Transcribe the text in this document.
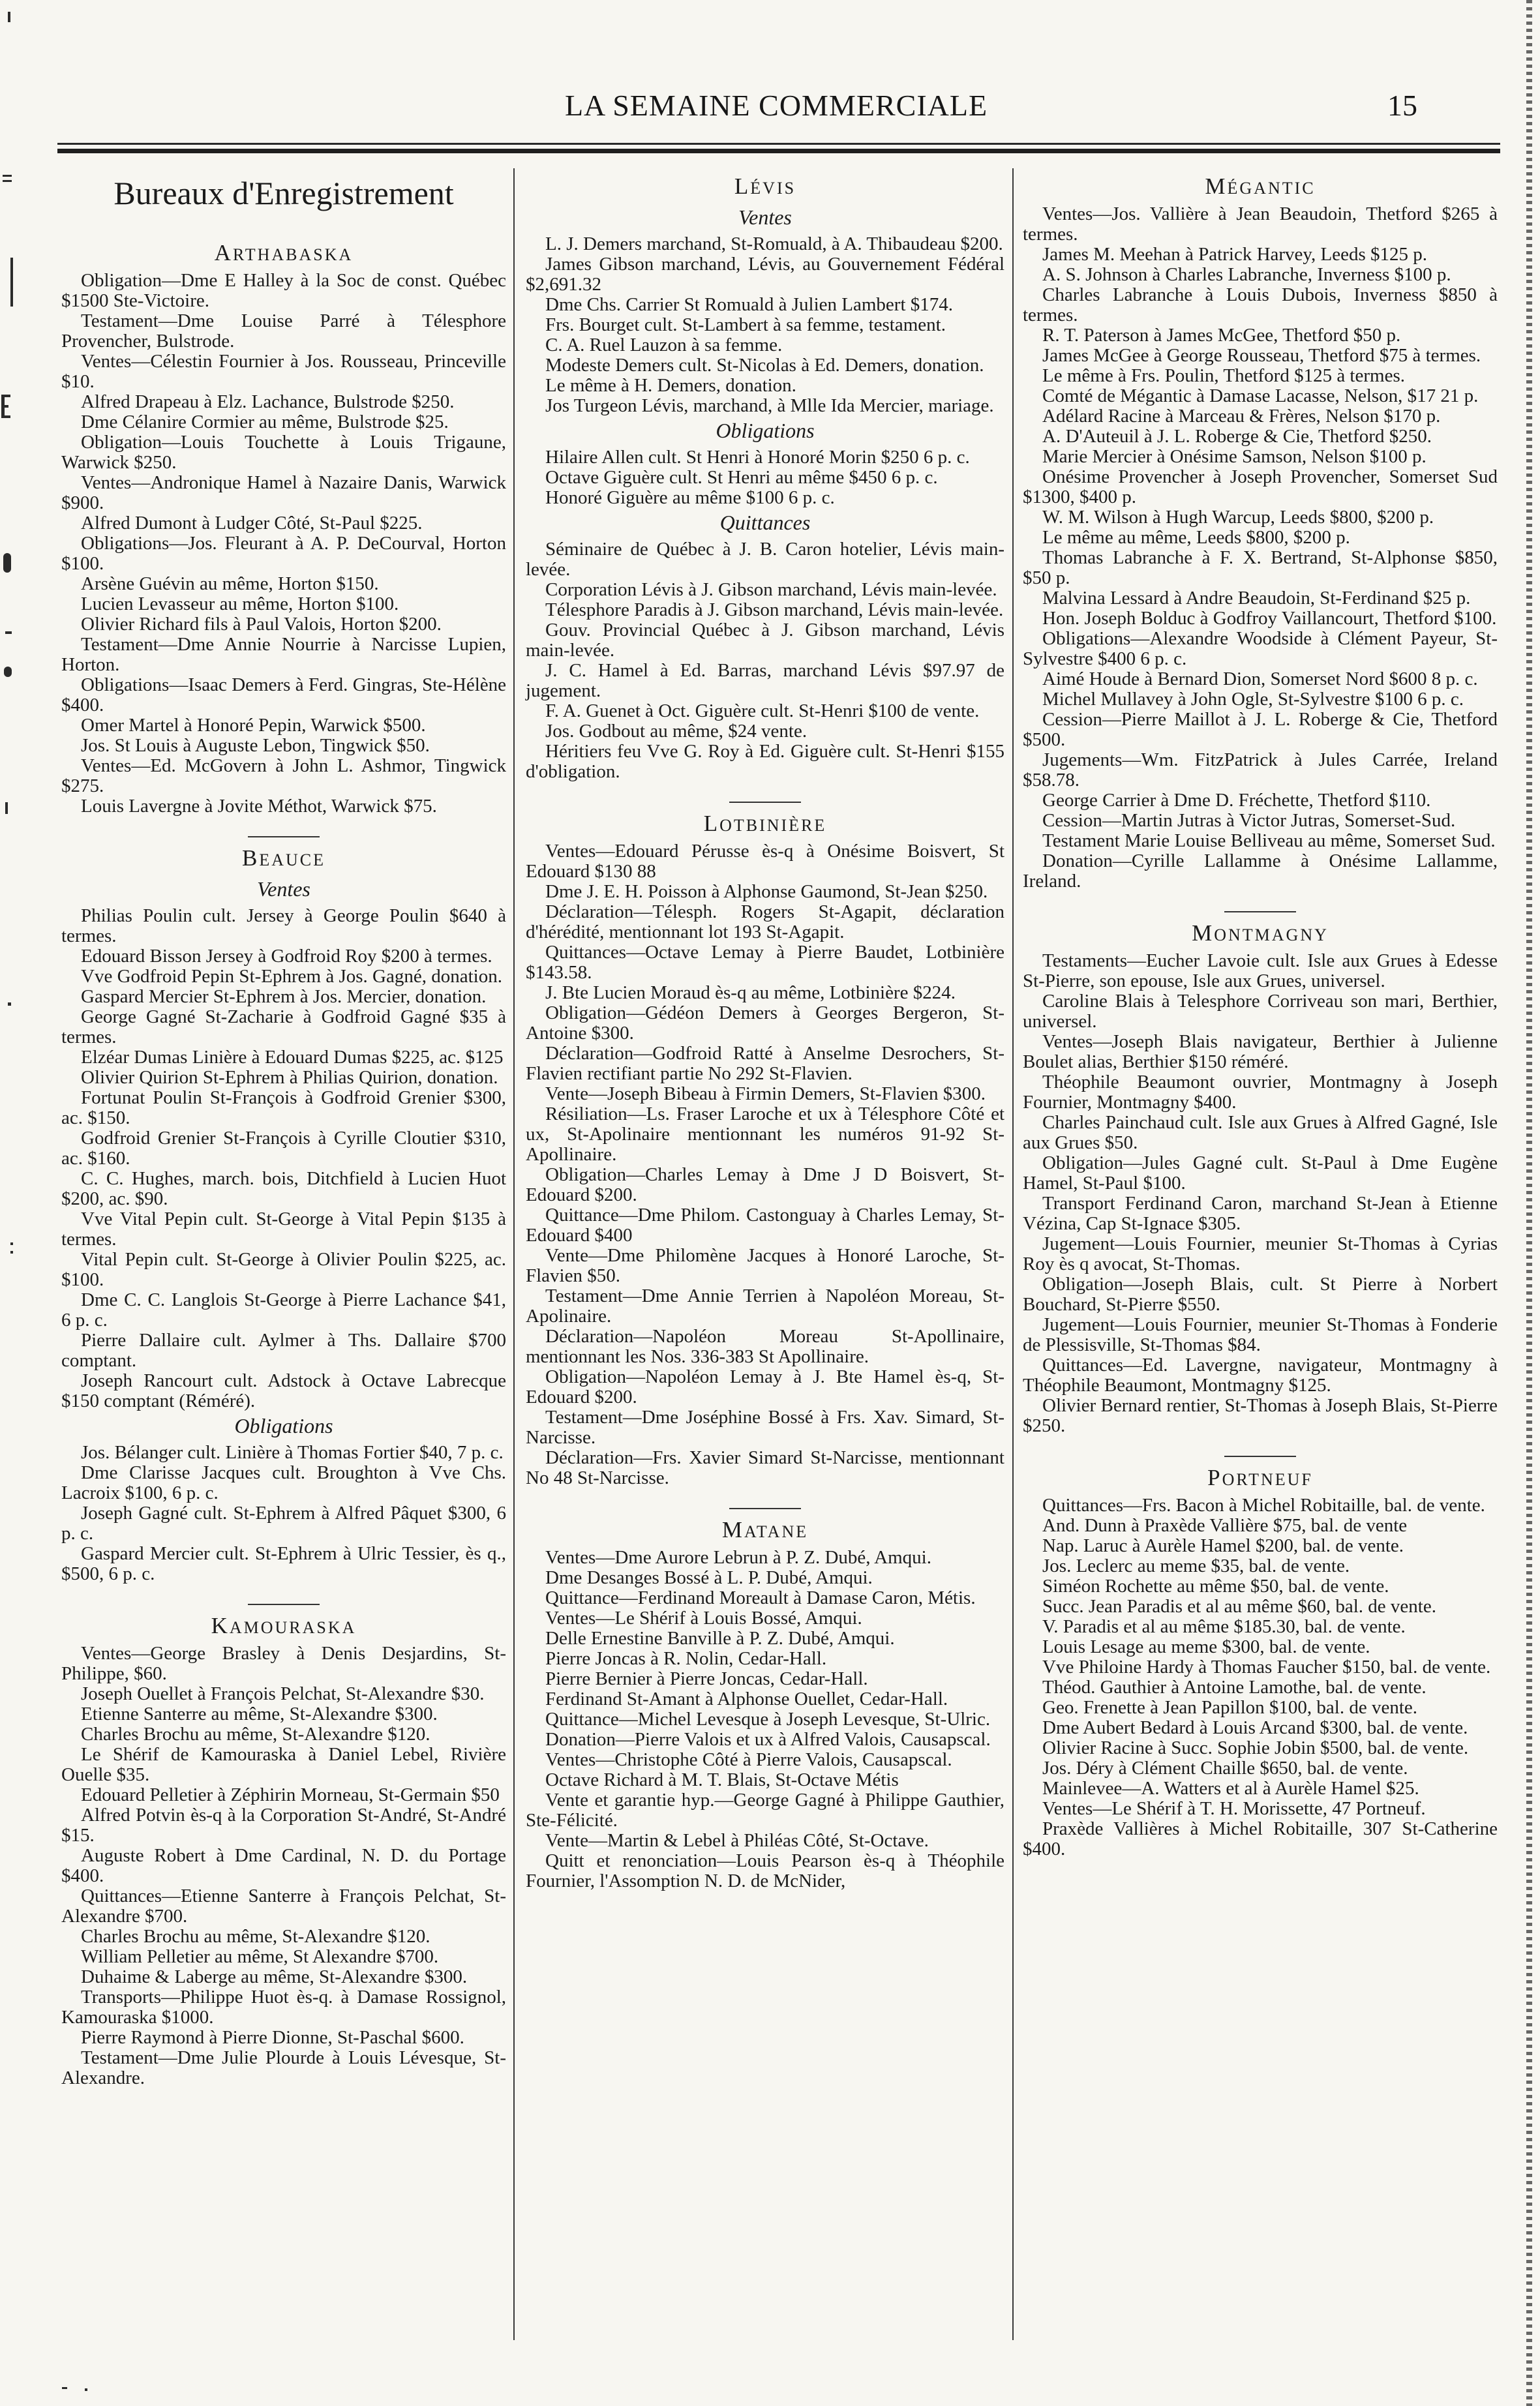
LA SEMAINE COMMERCIALE	15
Bureaux d'Enregistrement
ARTHABASKA

Obligation—Dme E Halley à la Soc de const. Québec $1500 Ste-Victoire.

Testament—Dme Louise Parré à Télesphore Provencher, Bulstrode.

Ventes—Célestin Fournier à Jos. Rousseau, Princeville $10.

Alfred Drapeau à Elz. Lachance, Bulstrode $250.

Dme Célanire Cormier au même, Bulstrode $25.

Obligation—Louis Touchette à Louis Trigaune, Warwick $250.

Ventes—Andronique Hamel à Nazaire Danis, Warwick $900.

Alfred Dumont à Ludger Côté, St-Paul $225.

Obligations—Jos. Fleurant à A. P. DeCourval, Horton $100.

Arsène Guévin au même, Horton $150.

Lucien Levasseur au même, Horton $100.

Olivier Richard fils à Paul Valois, Horton $200.

Testament—Dme Annie Nourrie à Narcisse Lupien, Horton.

Obligations—Isaac Demers à Ferd. Gingras, Ste-Hélène $400.

Omer Martel à Honoré Pepin, Warwick $500.

Jos. St Louis à Auguste Lebon, Tingwick $50.

Ventes—Ed. McGovern à John L. Ashmor, Tingwick $275.

Louis Lavergne à Jovite Méthot, Warwick $75.

BEAUCE
Ventes

Philias Poulin cult. Jersey à George Poulin $640 à termes.

Edouard Bisson Jersey à Godfroid Roy $200 à termes.

Vve Godfroid Pepin St-Ephrem à Jos. Gagné, donation.

Gaspard Mercier St-Ephrem à Jos. Mercier, donation.

George Gagné St-Zacharie à Godfroid Gagné $35 à termes.

Elzéar Dumas Linière à Edouard Dumas $225, ac. $125

Olivier Quirion St-Ephrem à Philias Quirion, donation.

Fortunat Poulin St-François à Godfroid Grenier $300, ac. $150.

Godfroid Grenier St-François à Cyrille Cloutier $310, ac. $160.

C. C. Hughes, march. bois, Ditchfield à Lucien Huot $200, ac. $90.

Vve Vital Pepin cult. St-George à Vital Pepin $135 à termes.

Vital Pepin cult. St-George à Olivier Poulin $225, ac. $100.

Dme C. C. Langlois St-George à Pierre Lachance $41, 6 p. c.

Pierre Dallaire cult. Aylmer à Ths. Dallaire $700 comptant.

Joseph Rancourt cult. Adstock à Octave Labrecque $150 comptant (Réméré).

Obligations

Jos. Bélanger cult. Linière à Thomas Fortier $40, 7 p. c.

Dme Clarisse Jacques cult. Broughton à Vve Chs. Lacroix $100, 6 p. c.

Joseph Gagné cult. St-Ephrem à Alfred Pâquet $300, 6 p. c.

Gaspard Mercier cult. St-Ephrem à Ulric Tessier, ès q., $500, 6 p. c.

KAMOURASKA

Ventes—George Brasley à Denis Desjardins, St-Philippe, $60.

Joseph Ouellet à François Pelchat, St-Alexandre $30.

Etienne Santerre au même, St-Alexandre $300.

Charles Brochu au même, St-Alexandre $120.

Le Shérif de Kamouraska à Daniel Lebel, Rivière Ouelle $35.

Edouard Pelletier à Zéphirin Morneau, St-Germain $50

Alfred Potvin ès-q à la Corporation St-André, St-André $15.

Auguste Robert à Dme Cardinal, N. D. du Portage $400.

Quittances—Etienne Santerre à François Pelchat, St-Alexandre $700.

Charles Brochu au même, St-Alexandre $120.

William Pelletier au même, St Alexandre $700.

Duhaime & Laberge au même, St-Alexandre $300.

Transports—Philippe Huot ès-q. à Damase Rossignol, Kamouraska $1000.

Pierre Raymond à Pierre Dionne, St-Paschal $600.

Testament—Dme Julie Plourde à Louis Lévesque, St-Alexandre.

LÉVIS
Ventes

L. J. Demers marchand, St-Romuald, à A. Thibaudeau $200.

James Gibson marchand, Lévis, au Gouvernement Fédéral $2,691.32

Dme Chs. Carrier St Romuald à Julien Lambert $174.

Frs. Bourget cult. St-Lambert à sa femme, testament.

C. A. Ruel Lauzon à sa femme.

Modeste Demers cult. St-Nicolas à Ed. Demers, donation.

Le même à H. Demers, donation.

Jos Turgeon Lévis, marchand, à Mlle Ida Mercier, mariage.

Obligations

Hilaire Allen cult. St Henri à Honoré Morin $250 6 p. c.

Octave Giguère cult. St Henri au même $450 6 p. c.

Honoré Giguère au même $100 6 p. c.

Quittances

Séminaire de Québec à J. B. Caron hotelier, Lévis main-levée.

Corporation Lévis à J. Gibson marchand, Lévis main-levée.

Télesphore Paradis à J. Gibson marchand, Lévis main-levée.

Gouv. Provincial Québec à J. Gibson marchand, Lévis main-levée.

J. C. Hamel à Ed. Barras, marchand Lévis $97.97 de jugement.

F. A. Guenet à Oct. Giguère cult. St-Henri $100 de vente.

Jos. Godbout au même, $24 vente.

Héritiers feu Vve G. Roy à Ed. Giguère cult. St-Henri $155 d'obligation.

LOTBINIÈRE

Ventes—Edouard Pérusse ès-q à Onésime Boisvert, St Edouard $130 88

Dme J. E. H. Poisson à Alphonse Gaumond, St-Jean $250.

Déclaration—Télesph. Rogers St-Agapit, déclaration d'hérédité, mentionnant lot 193 St-Agapit.

Quittances—Octave Lemay à Pierre Baudet, Lotbinière $143.58.

J. Bte Lucien Moraud ès-q au même, Lotbinière $224.

Obligation—Gédéon Demers à Georges Bergeron, St-Antoine $300.

Déclaration—Godfroid Ratté à Anselme Desrochers, St-Flavien rectifiant partie No 292 St-Flavien.

Vente—Joseph Bibeau à Firmin Demers, St-Flavien $300.

Résiliation—Ls. Fraser Laroche et ux à Télesphore Côté et ux, St-Apolinaire mentionnant les numéros 91-92 St-Apollinaire.

Obligation—Charles Lemay à Dme J D Boisvert, St-Edouard $200.

Quittance—Dme Philom. Castonguay à Charles Lemay, St-Edouard $400

Vente—Dme Philomène Jacques à Honoré Laroche, St-Flavien $50.

Testament—Dme Annie Terrien à Napoléon Moreau, St-Apolinaire.

Déclaration—Napoléon Moreau St-Apollinaire, mentionnant les Nos. 336-383 St Apollinaire.

Obligation—Napoléon Lemay à J. Bte Hamel ès-q, St-Edouard $200.

Testament—Dme Joséphine Bossé à Frs. Xav. Simard, St-Narcisse.

Déclaration—Frs. Xavier Simard St-Narcisse, mentionnant No 48 St-Narcisse.

MATANE

Ventes—Dme Aurore Lebrun à P. Z. Dubé, Amqui.

Dme Desanges Bossé à L. P. Dubé, Amqui.

Quittance—Ferdinand Moreault à Damase Caron, Métis.

Ventes—Le Shérif à Louis Bossé, Amqui.

Delle Ernestine Banville à P. Z. Dubé, Amqui.

Pierre Joncas à R. Nolin, Cedar-Hall.

Pierre Bernier à Pierre Joncas, Cedar-Hall.

Ferdinand St-Amant à Alphonse Ouellet, Cedar-Hall.

Quittance—Michel Levesque à Joseph Levesque, St-Ulric.

Donation—Pierre Valois et ux à Alfred Valois, Causapscal.

Ventes—Christophe Côté à Pierre Valois, Causapscal.

Octave Richard à M. T. Blais, St-Octave Métis

Vente et garantie hyp.—George Gagné à Philippe Gauthier, Ste-Félicité.

Vente—Martin & Lebel à Philéas Côté, St-Octave.

Quitt et renonciation—Louis Pearson ès-q à Théophile Fournier, l'Assomption N. D. de McNider,

MÉGANTIC

Ventes—Jos. Vallière à Jean Beaudoin, Thetford $265 à termes.

James M. Meehan à Patrick Harvey, Leeds $125 p.

A. S. Johnson à Charles Labranche, Inverness $100 p.

Charles Labranche à Louis Dubois, Inverness $850 à termes.

R. T. Paterson à James McGee, Thetford $50 p.

James McGee à George Rousseau, Thetford $75 à termes.

Le même à Frs. Poulin, Thetford $125 à termes.

Comté de Mégantic à Damase Lacasse, Nelson, $17 21 p.

Adélard Racine à Marceau & Frères, Nelson $170 p.

A. D'Auteuil à J. L. Roberge & Cie, Thetford $250.

Marie Mercier à Onésime Samson, Nelson $100 p.

Onésime Provencher à Joseph Provencher, Somerset Sud $1300, $400 p.

W. M. Wilson à Hugh Warcup, Leeds $800, $200 p.

Le même au même, Leeds $800, $200 p.

Thomas Labranche à F. X. Bertrand, St-Alphonse $850, $50 p.

Malvina Lessard à Andre Beaudoin, St-Ferdinand $25 p.

Hon. Joseph Bolduc à Godfroy Vaillancourt, Thetford $100.

Obligations—Alexandre Woodside à Clément Payeur, St-Sylvestre $400 6 p. c.

Aimé Houde à Bernard Dion, Somerset Nord $600 8 p. c.

Michel Mullavey à John Ogle, St-Sylvestre $100 6 p. c.

Cession—Pierre Maillot à J. L. Roberge & Cie, Thetford $500.

Jugements—Wm. FitzPatrick à Jules Carrée, Ireland $58.78.

George Carrier à Dme D. Fréchette, Thetford $110.

Cession—Martin Jutras à Victor Jutras, Somerset-Sud.

Testament Marie Louise Belliveau au même, Somerset Sud.

Donation—Cyrille Lallamme à Onésime Lallamme, Ireland.

MONTMAGNY

Testaments—Eucher Lavoie cult. Isle aux Grues à Edesse St-Pierre, son epouse, Isle aux Grues, universel.

Caroline Blais à Telesphore Corriveau son mari, Berthier, universel.

Ventes—Joseph Blais navigateur, Berthier à Julienne Boulet alias, Berthier $150 réméré.

Théophile Beaumont ouvrier, Montmagny à Joseph Fournier, Montmagny $400.

Charles Painchaud cult. Isle aux Grues à Alfred Gagné, Isle aux Grues $50.

Obligation—Jules Gagné cult. St-Paul à Dme Eugène Hamel, St-Paul $100.

Transport Ferdinand Caron, marchand St-Jean à Etienne Vézina, Cap St-Ignace $305.

Jugement—Louis Fournier, meunier St-Thomas à Cyrias Roy ès q avocat, St-Thomas.

Obligation—Joseph Blais, cult. St Pierre à Norbert Bouchard, St-Pierre $550.

Jugement—Louis Fournier, meunier St-Thomas à Fonderie de Plessisville, St-Thomas $84.

Quittances—Ed. Lavergne, navigateur, Montmagny à Théophile Beaumont, Montmagny $125.

Olivier Bernard rentier, St-Thomas à Joseph Blais, St-Pierre $250.

PORTNEUF

Quittances—Frs. Bacon à Michel Robitaille, bal. de vente.

And. Dunn à Praxède Vallière $75, bal. de vente

Nap. Laruc à Aurèle Hamel $200, bal. de vente.

Jos. Leclerc au meme $35, bal. de vente.

Siméon Rochette au même $50, bal. de vente.

Succ. Jean Paradis et al au même $60, bal. de vente.

V. Paradis et al au même $185.30, bal. de vente.

Louis Lesage au meme $300, bal. de vente.

Vve Philoine Hardy à Thomas Faucher $150, bal. de vente.

Théod. Gauthier à Antoine Lamothe, bal. de vente.

Geo. Frenette à Jean Papillon $100, bal. de vente.

Dme Aubert Bedard à Louis Arcand $300, bal. de vente.

Olivier Racine à Succ. Sophie Jobin $500, bal. de vente.

Jos. Déry à Clément Chaille $650, bal. de vente.

Mainlevee—A. Watters et al à Aurèle Hamel $25.

Ventes—Le Shérif à T. H. Morissette, 47 Portneuf.

Praxède Vallières à Michel Robitaille, 307 St-Catherine $400.
